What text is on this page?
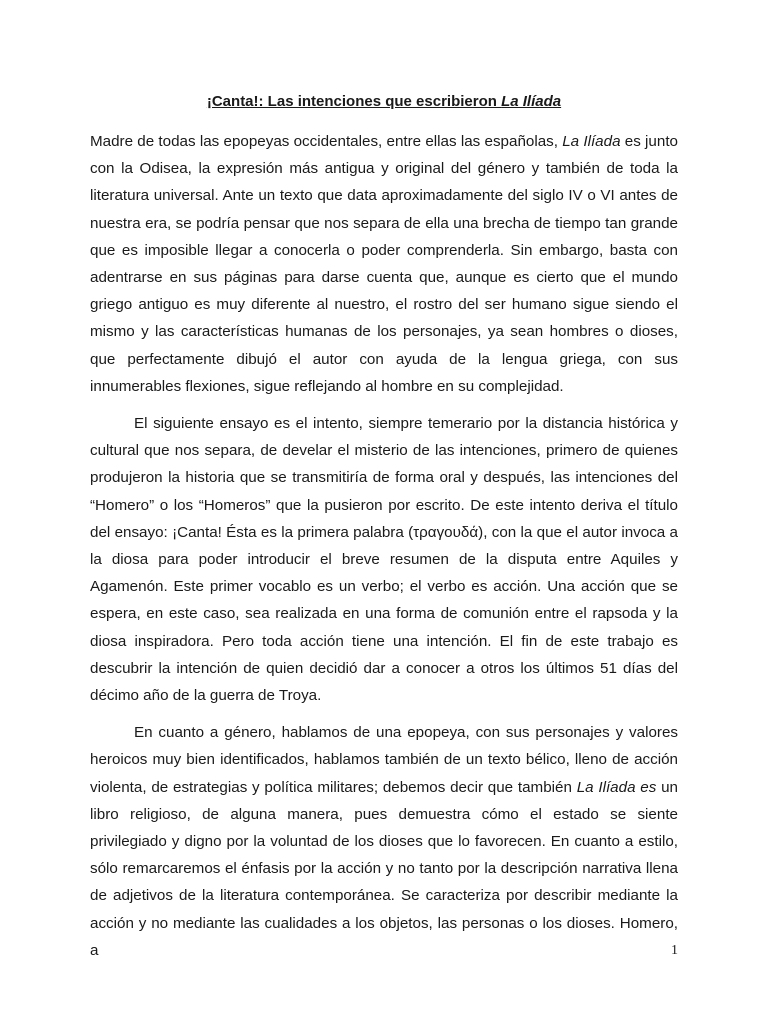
¡Canta!: Las intenciones que escribieron La Ilíada

Madre de todas las epopeyas occidentales, entre ellas las españolas, La Ilíada es junto con la Odisea, la expresión más antigua y original del género y también de toda la literatura universal. Ante un texto que data aproximadamente del siglo IV o VI antes de nuestra era, se podría pensar que nos separa de ella una brecha de tiempo tan grande que es imposible llegar a conocerla o poder comprenderla. Sin embargo, basta con adentrarse en sus páginas para darse cuenta que, aunque es cierto que el mundo griego antiguo es muy diferente al nuestro, el rostro del ser humano sigue siendo el mismo y las características humanas de los personajes, ya sean hombres o dioses, que perfectamente dibujó el autor con ayuda de la lengua griega, con sus innumerables flexiones, sigue reflejando al hombre en su complejidad.

El siguiente ensayo es el intento, siempre temerario por la distancia histórica y cultural que nos separa, de develar el misterio de las intenciones, primero de quienes produjeron la historia que se transmitiría de forma oral y después, las intenciones del “Homero” o los “Homeros” que la pusieron por escrito. De este intento deriva el título del ensayo: ¡Canta! Ésta es la primera palabra (τραγουδά), con la que el autor invoca a la diosa para poder introducir el breve resumen de la disputa entre Aquiles y Agamenón. Este primer vocablo es un verbo; el verbo es acción. Una acción que se espera, en este caso, sea realizada en una forma de comunión entre el rapsoda y la diosa inspiradora. Pero toda acción tiene una intención. El fin de este trabajo es descubrir la intención de quien decidió dar a conocer a otros los últimos 51 días del décimo año de la guerra de Troya.

En cuanto a género, hablamos de una epopeya, con sus personajes y valores heroicos muy bien identificados, hablamos también de un texto bélico, lleno de acción violenta, de estrategias y política militares; debemos decir que también La Ilíada es un libro religioso, de alguna manera, pues demuestra cómo el estado se siente privilegiado y digno por la voluntad de los dioses que lo favorecen. En cuanto a estilo, sólo remarcaremos el énfasis por la acción y no tanto por la descripción narrativa llena de adjetivos de la literatura contemporánea. Se caracteriza por describir mediante la acción y no mediante las cualidades a los objetos, las personas o los dioses. Homero, a	1
